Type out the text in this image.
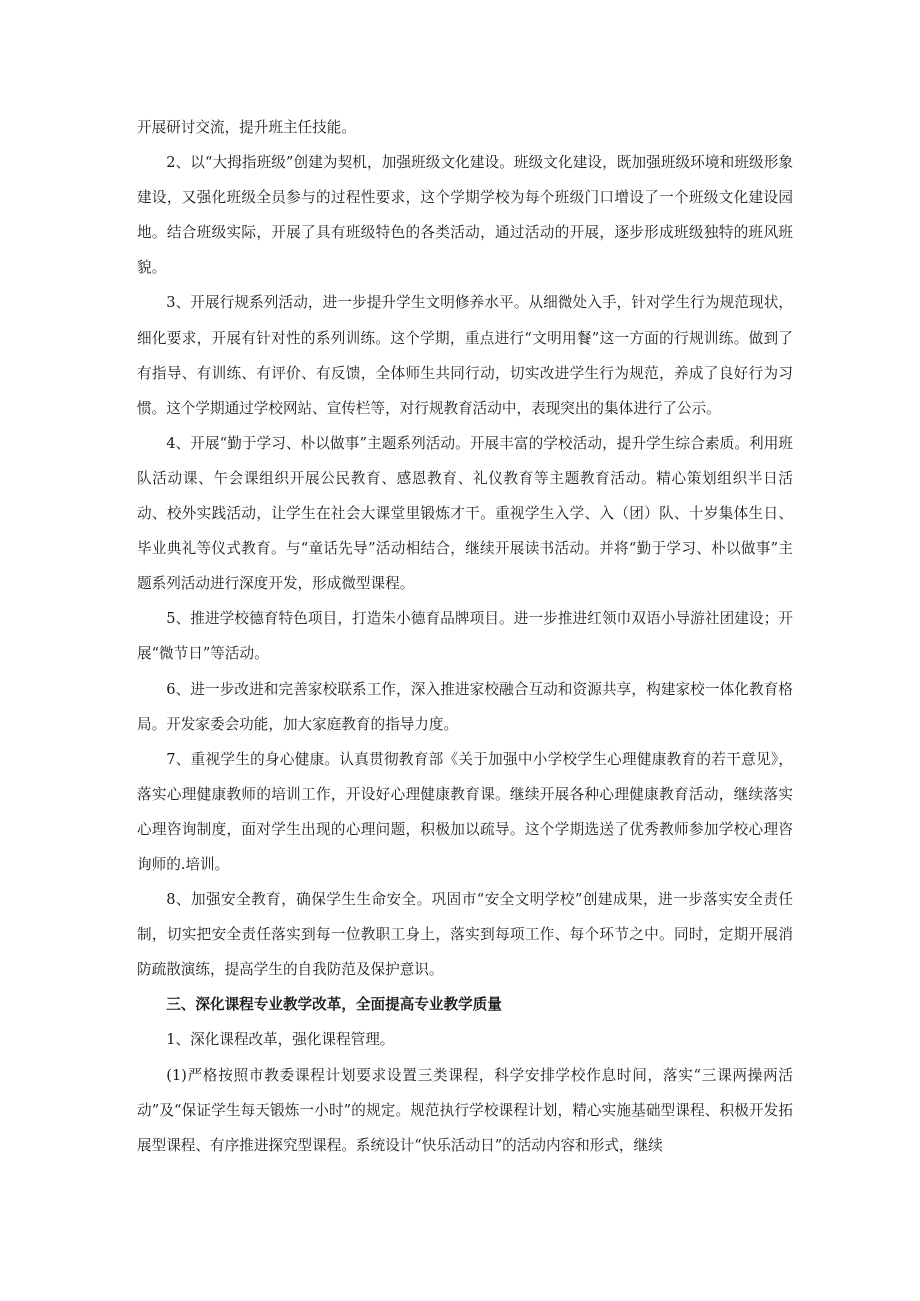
开展研讨交流，提升班主任技能。

2、以“大拇指班级”创建为契机，加强班级文化建设。班级文化建设，既加强班级环境和班级形象建设，又强化班级全员参与的过程性要求，这个学期学校为每个班级门口增设了一个班级文化建设园地。结合班级实际，开展了具有班级特色的各类活动，通过活动的开展，逐步形成班级独特的班风班貌。

3、开展行规系列活动，进一步提升学生文明修养水平。从细微处入手，针对学生行为规范现状，细化要求，开展有针对性的系列训练。这个学期，重点进行“文明用餐”这一方面的行规训练。做到了有指导、有训练、有评价、有反馈，全体师生共同行动，切实改进学生行为规范，养成了良好行为习惯。这个学期通过学校网站、宣传栏等，对行规教育活动中，表现突出的集体进行了公示。

4、开展“勤于学习、朴以做事”主题系列活动。开展丰富的学校活动，提升学生综合素质。利用班队活动课、午会课组织开展公民教育、感恩教育、礼仪教育等主题教育活动。精心策划组织半日活动、校外实践活动，让学生在社会大课堂里锻炼才干。重视学生入学、入（团）队、十岁集体生日、毕业典礼等仪式教育。与“童话先导”活动相结合，继续开展读书活动。并将“勤于学习、朴以做事”主题系列活动进行深度开发，形成微型课程。

5、推进学校德育特色项目，打造朱小德育品牌项目。进一步推进红领巾双语小导游社团建设；开展“微节日”等活动。

6、进一步改进和完善家校联系工作，深入推进家校融合互动和资源共享，构建家校一体化教育格局。开发家委会功能，加大家庭教育的指导力度。

7、重视学生的身心健康。认真贯彻教育部《关于加强中小学校学生心理健康教育的若干意见》，落实心理健康教师的培训工作，开设好心理健康教育课。继续开展各种心理健康教育活动，继续落实心理咨询制度，面对学生出现的心理问题，积极加以疏导。这个学期选送了优秀教师参加学校心理咨询师的.培训。

8、加强安全教育，确保学生生命安全。巩固市“安全文明学校”创建成果，进一步落实安全责任制，切实把安全责任落实到每一位教职工身上，落实到每项工作、每个环节之中。同时，定期开展消防疏散演练，提高学生的自我防范及保护意识。

三、深化课程专业教学改革，全面提高专业教学质量

1、深化课程改革，强化课程管理。

(1)严格按照市教委课程计划要求设置三类课程，科学安排学校作息时间，落实“三课两操两活动”及“保证学生每天锻炼一小时”的规定。规范执行学校课程计划，精心实施基础型课程、积极开发拓展型课程、有序推进探究型课程。系统设计“快乐活动日”的活动内容和形式，继续
